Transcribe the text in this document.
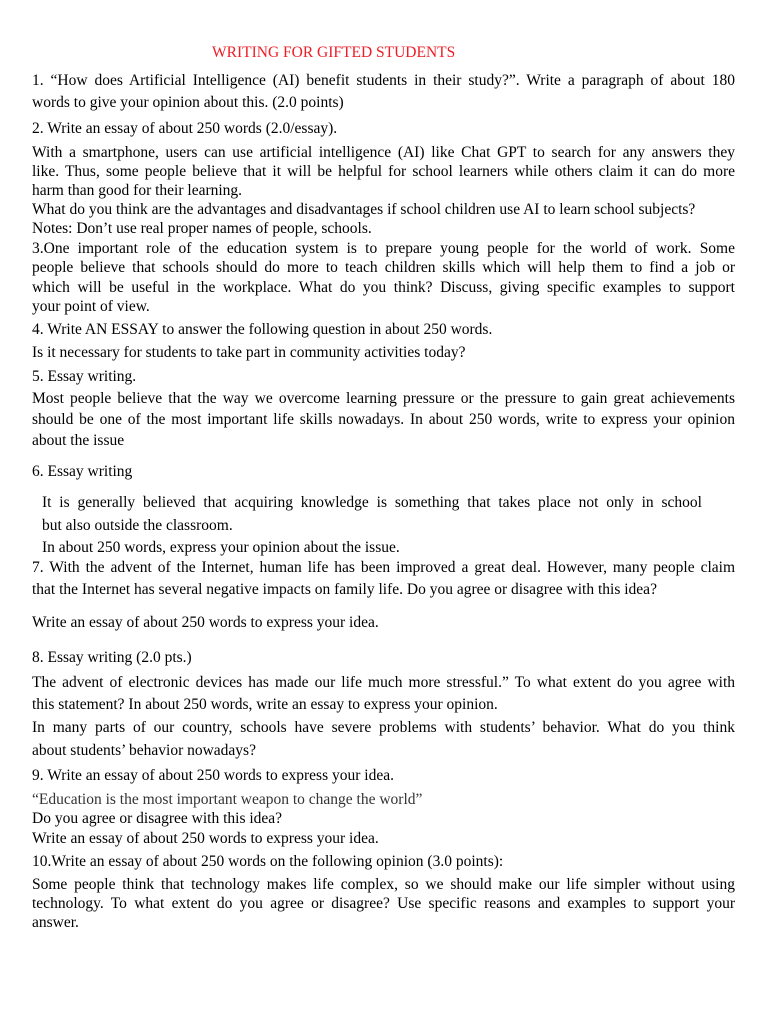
WRITING FOR GIFTED STUDENTS
1. “How does Artificial Intelligence (AI) benefit students in their study?”. Write a paragraph of about 180
words to give your opinion about this. (2.0 points)
2. Write an essay of about 250 words (2.0/essay).
With a smartphone, users can use artificial intelligence (AI) like Chat GPT to search for any answers they
like. Thus, some people believe that it will be helpful for school learners while others claim it can do more
harm than good for their learning.
What do you think are the advantages and disadvantages if school children use AI to learn school subjects?
Notes: Don’t use real proper names of people, schools.
3.One important role of the education system is to prepare young people for the world of work. Some
people believe that schools should do more to teach children skills which will help them to find a job or
which will be useful in the workplace. What do you think? Discuss, giving specific examples to support
your point of view.
4. Write AN ESSAY to answer the following question in about 250 words.
Is it necessary for students to take part in community activities today?
5. Essay writing.
Most people believe that the way we overcome learning pressure or the pressure to gain great achievements
should be one of the most important life skills nowadays. In about 250 words, write to express your opinion
about the issue
6. Essay writing
It is generally believed that acquiring knowledge is something that takes place not only in school
but also outside the classroom.
In about 250 words, express your opinion about the issue.
7. With the advent of the Internet, human life has been improved a great deal. However, many people claim
that the Internet has several negative impacts on family life. Do you agree or disagree with this idea?
Write an essay of about 250 words to express your idea.
8. Essay writing (2.0 pts.)
The advent of electronic devices has made our life much more stressful.” To what extent do you agree with
this statement? In about 250 words, write an essay to express your opinion.
In many parts of our country, schools have severe problems with students’ behavior. What do you think
about students’ behavior nowadays?
9. Write an essay of about 250 words to express your idea.
“Education is the most important weapon to change the world”
Do you agree or disagree with this idea?
Write an essay of about 250 words to express your idea.
10.Write an essay of about 250 words on the following opinion (3.0 points):
Some people think that technology makes life complex, so we should make our life simpler without using
technology. To what extent do you agree or disagree? Use specific reasons and examples to support your
answer.
